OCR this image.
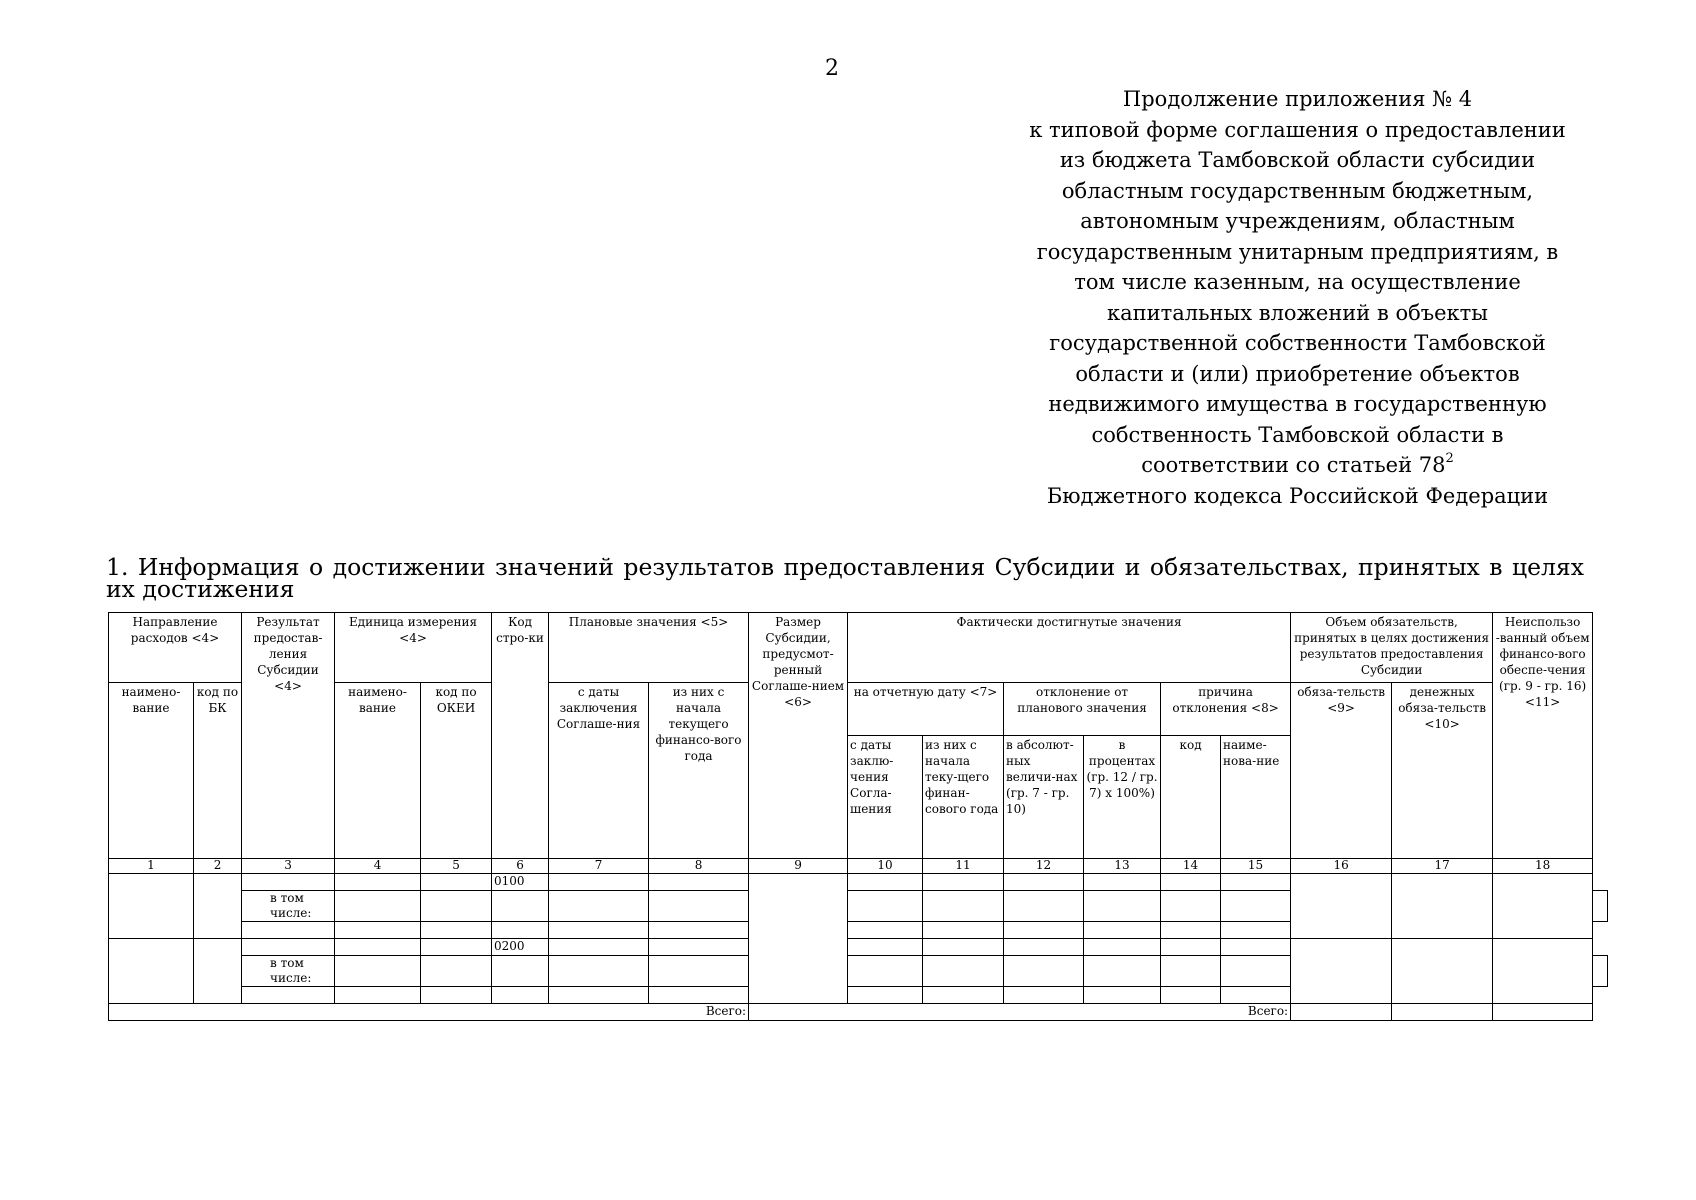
2
Продолжение приложения № 4
к типовой форме соглашения о предоставлении
из бюджета Тамбовской области субсидии
областным государственным бюджетным,
автономным учреждениям, областным
государственным унитарным предприятиям, в
том числе казенным, на осуществление
капитальных вложений в объекты
государственной собственности Тамбовской
области и (или) приобретение объектов
недвижимого имущества в государственную
собственность Тамбовской области в
соответствии со статьей $78^2$
Бюджетного кодекса Российской Федерации
1. Информация о достижении значений результатов предоставления Субсидии и обязательствах, принятых в целях их достижения
Направление расходов <4>		Результат предостав-ления Субсидии <4>	Единица измерения <4>		Код стро-ки	Плановые значения <5>		Размер Субсидии, предусмот-ренный Соглаше-нием <6>	Фактически достигнутые значения						Объем обязательств, принятых в целях достижения результатов предоставления Субсидии		Неиспользо -ванный объем финансо-вого обеспе-чения (гр. 9 - гр. 16) <11>	
наимено-вание	код по БК		наимено-вание	код по ОКЕИ		с даты заключения Соглаше-ния	из них с начала текущего финансо-вого года		на отчетную дату <7>		отклонение от планового значения		причина отклонения <8>		обяза-тельств <9>	денежных обяза-тельств <10>		
									с даты заклю-чения Согла-шения	из них с начала теку-щего финан-сового года	в абсолют-ных величи-нах (гр. 7 - гр. 10)	в процентах (гр. 12 / гр. 7) x 100%)	код	наиме-нова-ние				
1	2	3	4	5	6	7	8	9	10	11	12	13	14	15	16	17	18	
					0100													
		в том числе:																

					0200													
		в том числе:																

Всего:								Всего:										
